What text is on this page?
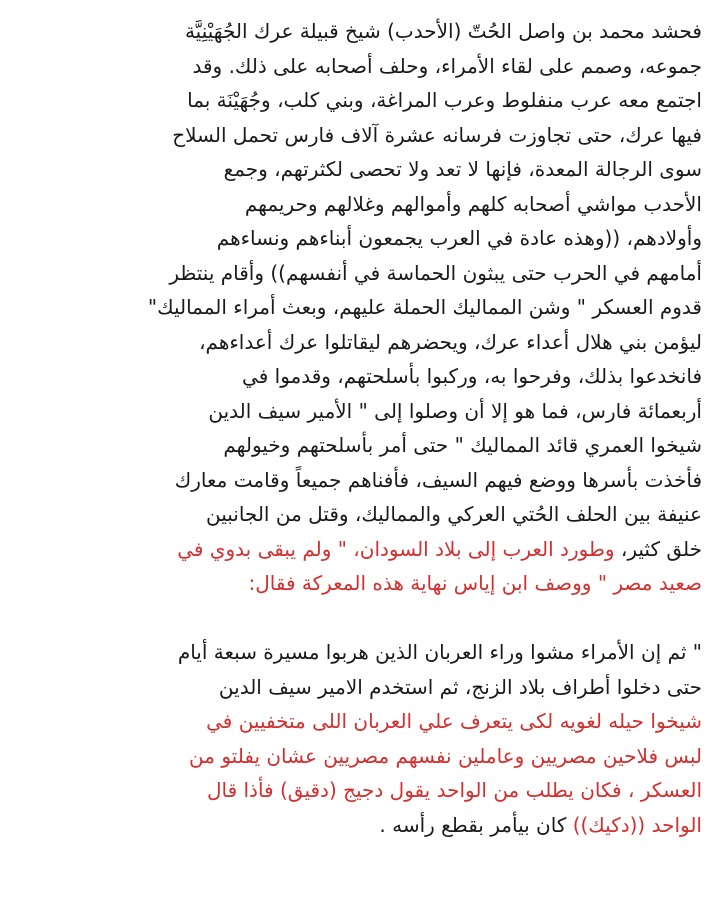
فحشد محمد بن واصل الحُتّ (الأحدب) شيخ قبيلة عرك الجُهَيْنِيَّة
جموعه، وصمم على لقاء الأمراء، وحلف أصحابه على ذلك. وقد
اجتمع معه عرب منفلوط وعرب المراغة، وبني كلب، وجُهَيْنَة بما
فيها عرك، حتى تجاوزت فرسانه عشرة آلاف فارس تحمل السلاح
سوى الرجالة المعدة، فإنها لا تعد ولا تحصى لكثرتهم، وجمع
الأحدب مواشي أصحابه كلهم وأموالهم وغلالهم وحريمهم
وأولادهم، ((وهذه عادة في العرب يجمعون أبناءهم ونساءهم
أمامهم في الحرب حتى يبثون الحماسة في أنفسهم)) وأقام ينتظر
قدوم العسكر " وشن المماليك الحملة عليهم، وبعث أمراء المماليك"
ليؤمن بني هلال أعداء عرك، ويحضرهم ليقاتلوا عرك أعداءهم،
فانخدعوا بذلك، وفرحوا به، وركبوا بأسلحتهم، وقدموا في
أربعمائة فارس، فما هو إلا أن وصلوا إلى " الأمير سيف الدين
شيخوا العمري قائد المماليك " حتى أمر بأسلحتهم وخيولهم
فأخذت بأسرها ووضع فيهم السيف، فأفناهم جميعاً وقامت معارك
عنيفة بين الحلف الحُتي العركي والمماليك، وقتل من الجانبين
خلق كثير، وطورد العرب إلى بلاد السودان، " ولم يبقى بدوي في
صعيد مصر " ووصف ابن إياس نهاية هذه المعركة فقال:
" ثم إن الأمراء مشوا وراء العربان الذين هربوا مسيرة سبعة أيام
حتى دخلوا أطراف بلاد الزنج، ثم استخدم الامير سيف الدين
شيخوا حيله لغويه لكى يتعرف علي العربان اللى متخفيين في
لبس فلاحين مصريين وعاملين نفسهم مصريين عشان يفلتو من
العسكر ، فكان يطلب من الواحد يقول دجيج (دقيق) فأذا قال
الواحد ((دكيك)) كان بيأمر بقطع رأسه .
